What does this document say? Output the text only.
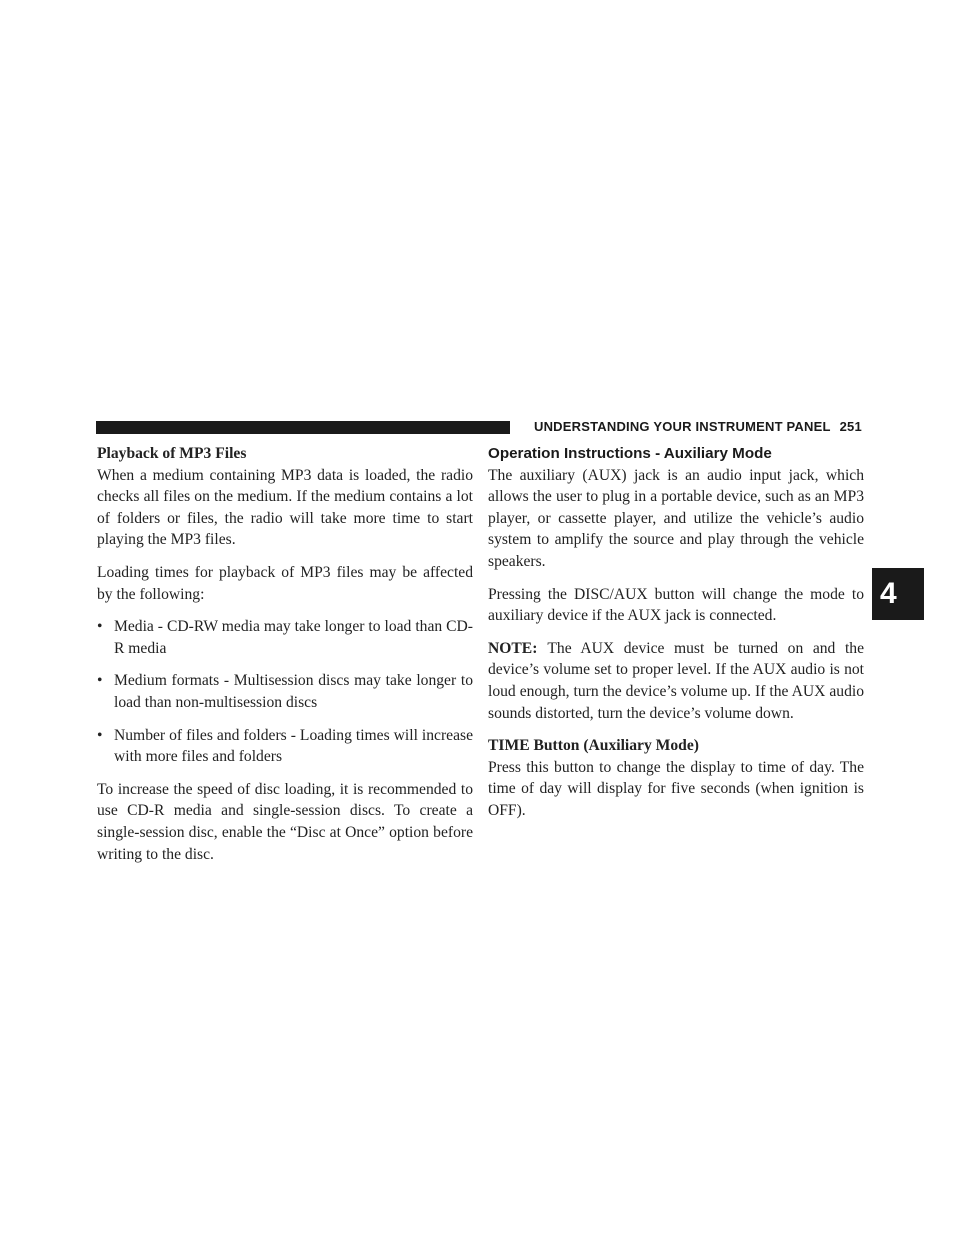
UNDERSTANDING YOUR INSTRUMENT PANEL 251
4
Playback of MP3 Files

When a medium containing MP3 data is loaded, the radio checks all files on the medium. If the medium contains a lot of folders or files, the radio will take more time to start playing the MP3 files.

Loading times for playback of MP3 files may be affected by the following:

• Media - CD-RW media may take longer to load than CD-R media
• Medium formats - Multisession discs may take longer to load than non-multisession discs
• Number of files and folders - Loading times will increase with more files and folders

To increase the speed of disc loading, it is recommended to use CD-R media and single-session discs. To create a single-session disc, enable the “Disc at Once” option before writing to the disc.

Operation Instructions - Auxiliary Mode

The auxiliary (AUX) jack is an audio input jack, which allows the user to plug in a portable device, such as an MP3 player, or cassette player, and utilize the vehicle’s audio system to amplify the source and play through the vehicle speakers.

Pressing the DISC/AUX button will change the mode to auxiliary device if the AUX jack is connected.

NOTE: The AUX device must be turned on and the device’s volume set to proper level. If the AUX audio is not loud enough, turn the device’s volume up. If the AUX audio sounds distorted, turn the device’s volume down.

TIME Button (Auxiliary Mode)

Press this button to change the display to time of day. The time of day will display for five seconds (when ignition is OFF).
